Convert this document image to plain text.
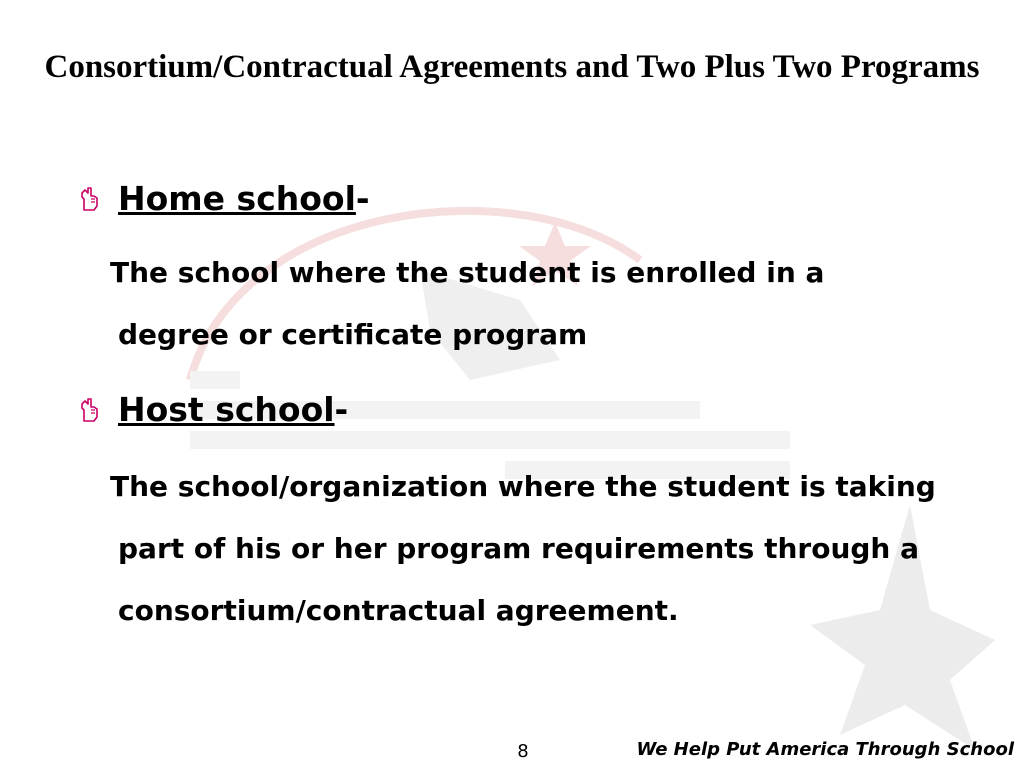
Consortium/Contractual Agreements and Two Plus Two Programs
Home school-
The school where the student is enrolled in a degree or certificate program
Host school-
The school/organization where the student is taking part of his or her program requirements through a consortium/contractual agreement.
8	We Help Put America Through School
